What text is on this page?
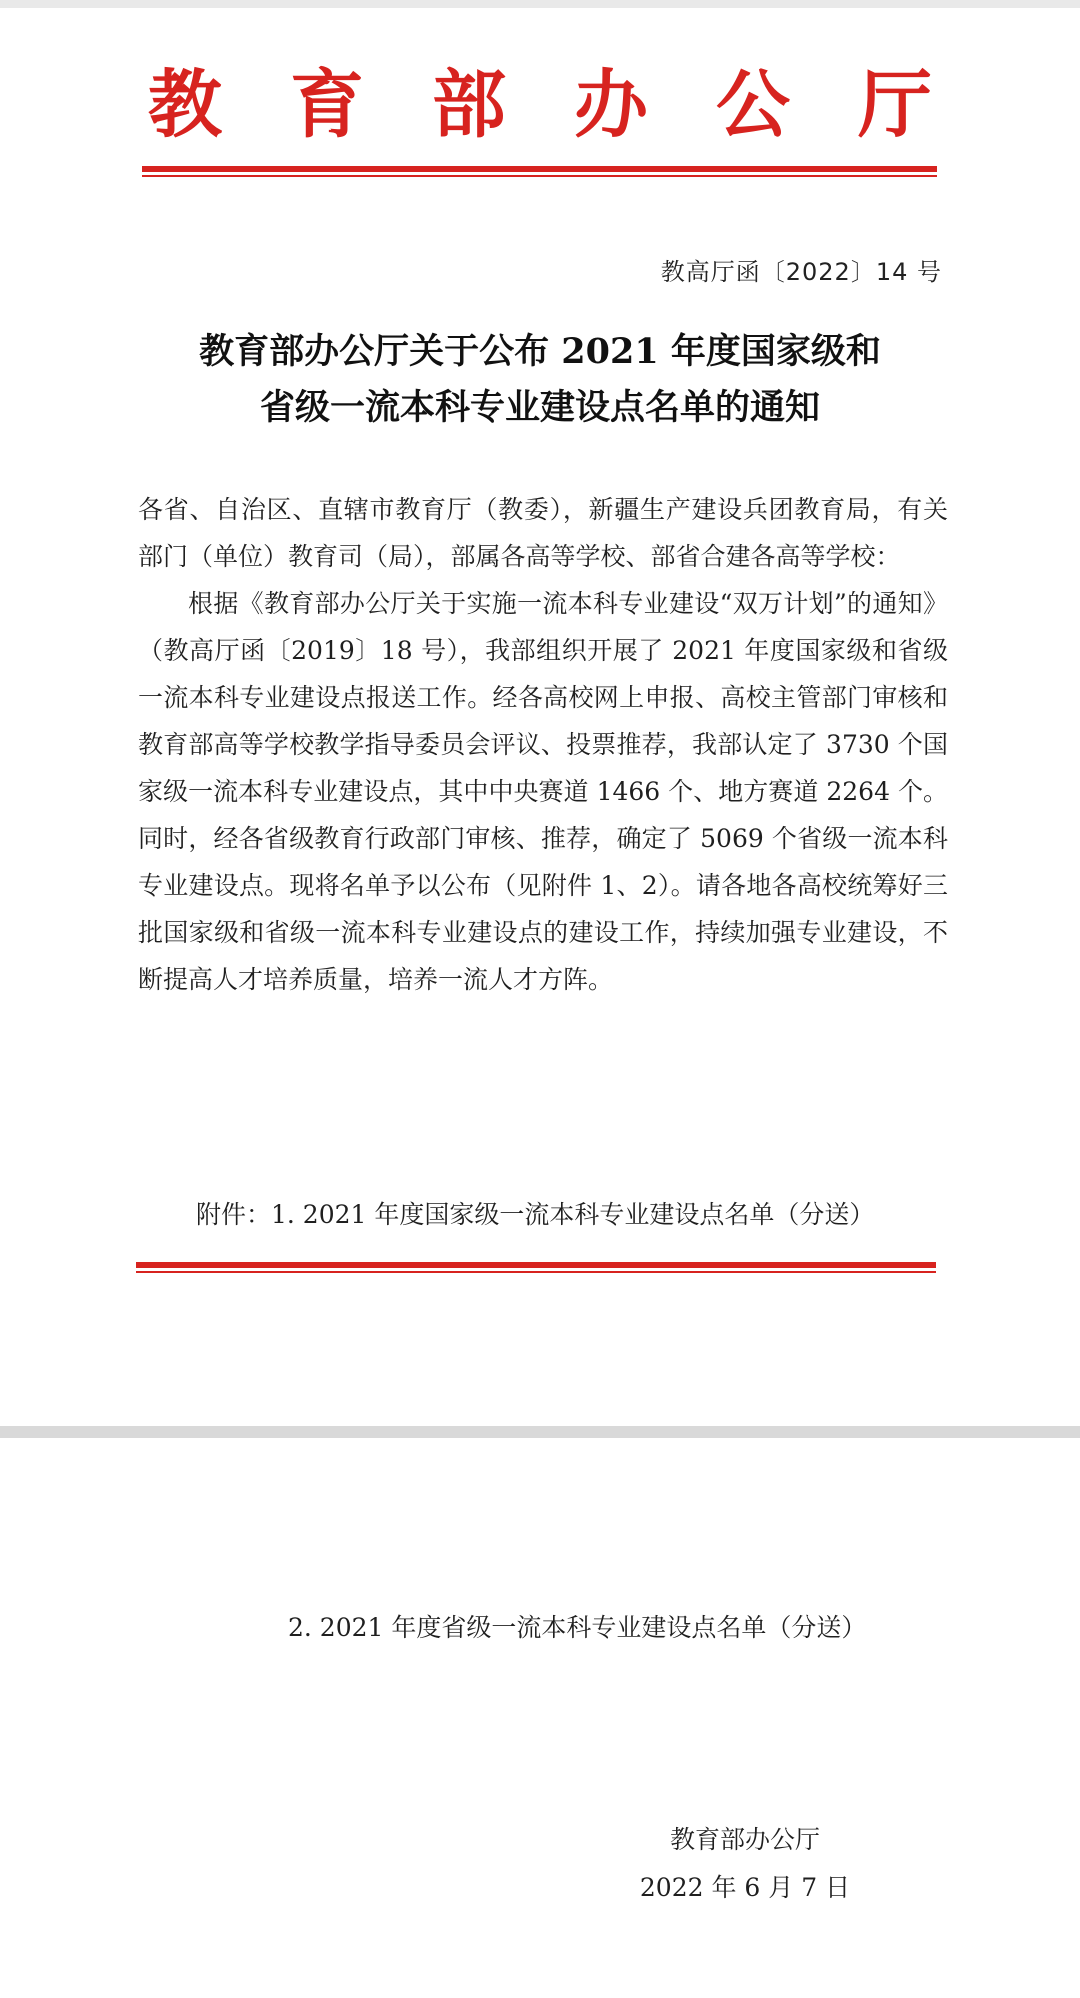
教 育 部 办 公 厅
教高厅函〔2022〕14 号
教育部办公厅关于公布 2021 年度国家级和
省级一流本科专业建设点名单的通知

各省、自治区、直辖市教育厅（教委），新疆生产建设兵团教育局，有关部门（单位）教育司（局），部属各高等学校、部省合建各高等学校：

根据《教育部办公厅关于实施一流本科专业建设“双万计划”的通知》（教高厅函〔2019〕18 号），我部组织开展了 2021 年度国家级和省级一流本科专业建设点报送工作。经各高校网上申报、高校主管部门审核和教育部高等学校教学指导委员会评议、投票推荐，我部认定了 3730 个国家级一流本科专业建设点，其中中央赛道 1466 个、地方赛道 2264 个。同时，经各省级教育行政部门审核、推荐，确定了 5069 个省级一流本科专业建设点。现将名单予以公布（见附件 1、2）。请各地各高校统筹好三批国家级和省级一流本科专业建设点的建设工作，持续加强专业建设，不断提高人才培养质量，培养一流人才方阵。

附件：1. 2021 年度国家级一流本科专业建设点名单（分送）
2. 2021 年度省级一流本科专业建设点名单（分送）
教育部办公厅
2022 年 6 月 7 日
